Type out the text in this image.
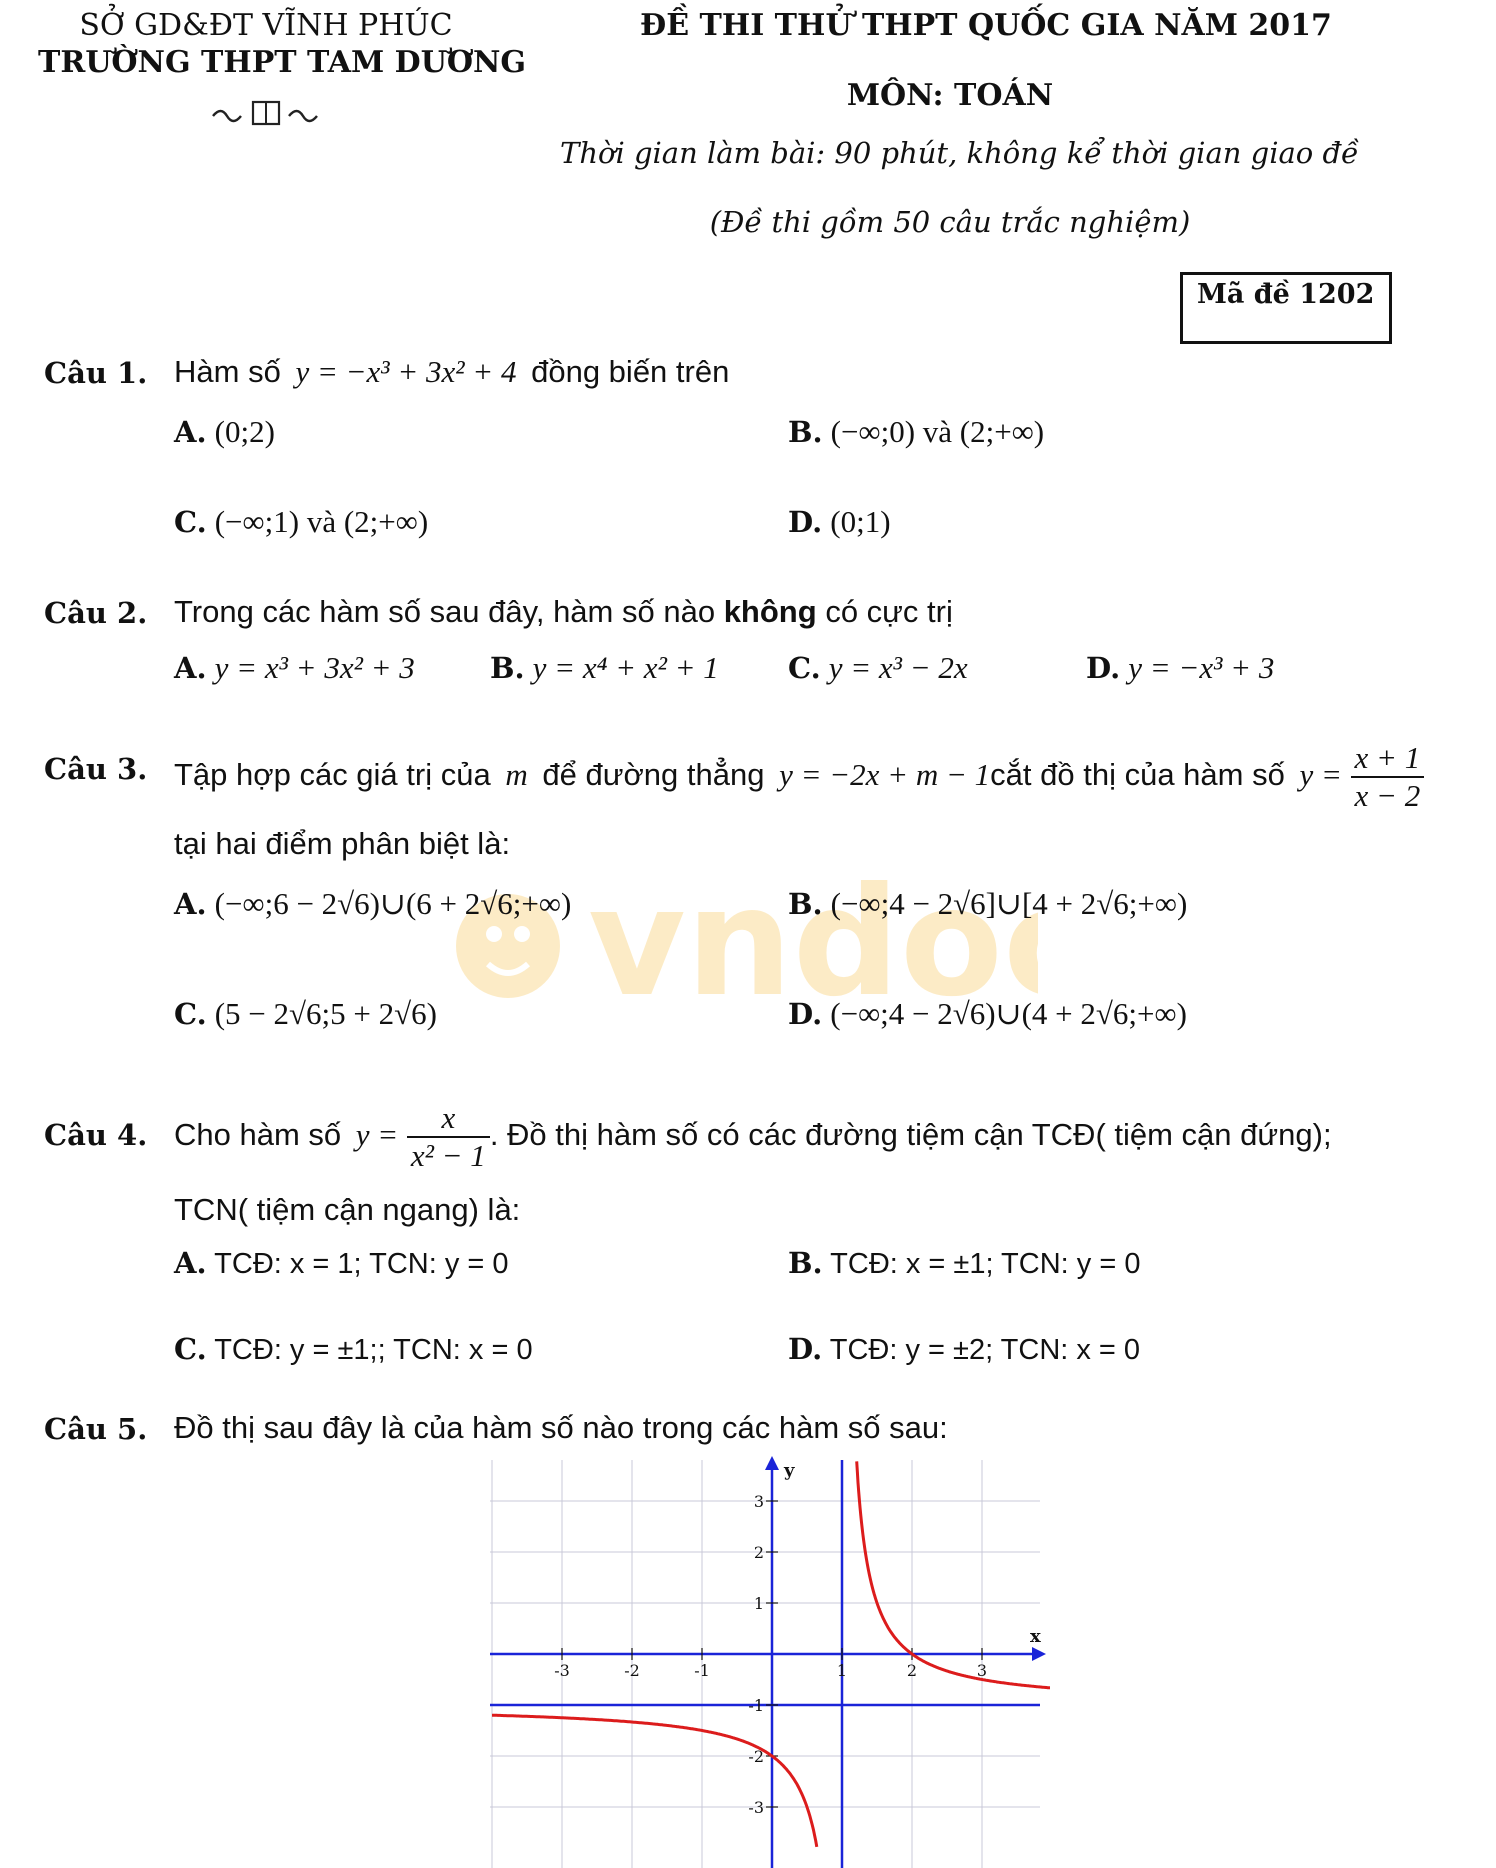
SỞ GD&ĐT VĨNH PHÚC
TRƯỜNG THPT TAM DƯƠNG
ĐỀ THI THỬ THPT QUỐC GIA NĂM 2017
MÔN: TOÁN
Thời gian làm bài: 90 phút, không kể thời gian giao đề
(Đề thi gồm 50 câu trắc nghiệm)
Mã đề 1202
vndo
Câu 1. Hàm số y = −x³ + 3x² + 4 đồng biến trên
A. (0;2)	B. (−∞;0) và (2;+∞)
C. (−∞;1) và (2;+∞)	D. (0;1)
Câu 2. Trong các hàm số sau đây, hàm số nào không có cực trị
A. y = x³ + 3x² + 3	B. y = x⁴ + x² + 1 C. y = x³ − 2x	D. y = −x³ + 3
Câu 3. Tập hợp các giá trị của m để đường thẳng y = −2x + m − 1cắt đồ thị của hàm số $y = \frac{x + 1}{x - 2}$
tại hai điểm phân biệt là:
A. (−∞;6 − 2√6)∪(6 + 2√6;+∞)	B. (−∞;4 − 2√6]∪[4 + 2√6;+∞)
C. (5 − 2√6;5 + 2√6)	D. (−∞;4 − 2√6)∪(4 + 2√6;+∞)
Câu 4. Cho hàm số $y = \frac{x}{\text{x² − 1}}$ . Đồ thị hàm số có các đường tiệm cận TCĐ( tiệm cận đứng);
TCN( tiệm cận ngang) là:
A. TCĐ: x = 1; TCN: y = 0	B. TCĐ: x = ±1; TCN: y = 0
C. TCĐ: y = ±1;; TCN: x = 0	D. TCĐ: y = ±2; TCN: x = 0
Câu 5. Đồ thị sau đây là của hàm số nào trong các hàm số sau:
x
y
-3	-2	-1	1	2	3
3
2
1
-1
-2
-3
